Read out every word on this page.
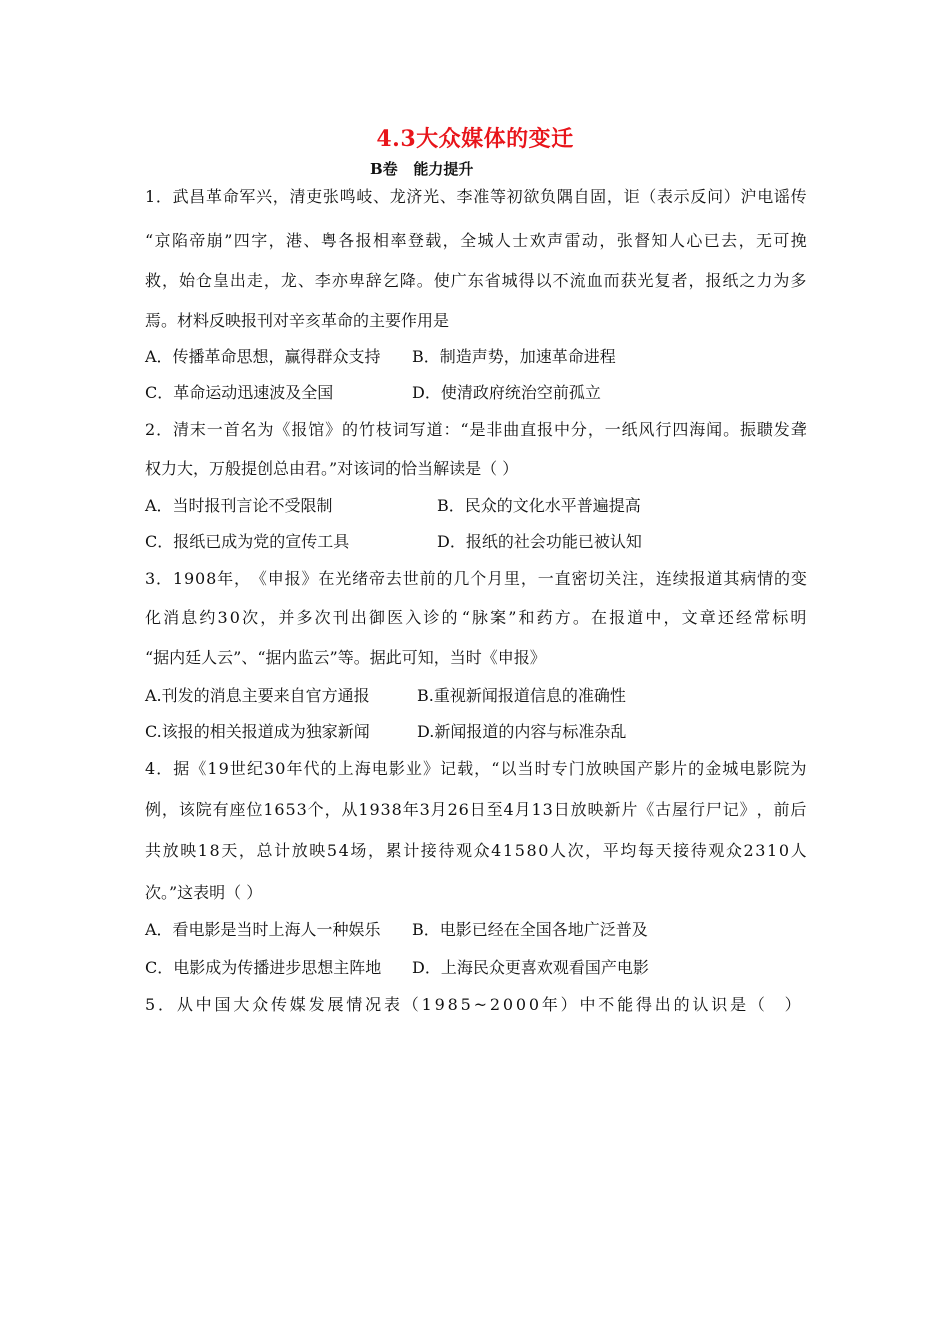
4.3大众媒体的变迁
B卷   能力提升
1 ． 武 昌 革 命 军 兴 ， 清 吏 张 鸣 岐 、 龙 济 光 、 李 准 等 初 欲 负 隅 自 固 ， 讵 （ 表 示 反 问 ） 沪 电 谣 传
“ 京 陷 帝 崩 ” 四 字 ， 港 、 粤 各 报 相 率 登 载 ， 全 城 人 士 欢 声 雷 动 ， 张 督 知 人 心 已 去 ， 无 可 挽
救 ， 始 仓 皇 出 走 ， 龙 、 李 亦 卑 辞 乞 降 。 使 广 东 省 城 得 以 不 流 血 而 获 光 复 者 ， 报 纸 之 力 为 多
焉。材料反映报刊对辛亥革命的主要作用是
A．传播革命思想，赢得群众支持 B．制造声势，加速革命进程
C．革命运动迅速波及全国	D．使清政府统治空前孤立
2 ． 清 末 一 首 名 为 《 报 馆 》 的 竹 枝 词 写 道 ： “ 是 非 曲 直 报 中 分 ， 一 纸 风 行 四 海 闻 。 振 聩 发 聋
权力大，万般提创总由君。”对该词的恰当解读是（ ）
A．当时报刊言论不受限制	B．民众的文化水平普遍提高
C．报纸已成为党的宣传工具	D．报纸的社会功能已被认知
3 ． 1 9 0 8 年 ， 《 申 报 》 在 光 绪 帝 去 世 前 的 几 个 月 里 ， 一 直 密 切 关 注 ， 连 续 报 道 其 病 情 的 变
化 消 息 约 3 0 次 ， 并 多 次 刊 出 御 医 入 诊 的 “ 脉 案 ” 和 药 方 。 在 报 道 中 ， 文 章 还 经 常 标 明
“据内廷人云”、“据内监云”等。据此可知，当时《申报》
A.刊发的消息主要来自官方通报	B.重视新闻报道信息的准确性
C.该报的相关报道成为独家新闻	D.新闻报道的内容与标准杂乱
4 ． 据 《 1 9 世 纪 3 0 年 代 的 上 海 电 影 业 》 记 载 ， “ 以 当 时 专 门 放 映 国 产 影 片 的 金 城 电 影 院 为
例 ， 该 院 有 座 位 1 6 5 3 个 ， 从 1 9 3 8 年 3 月 2 6 日 至 4 月 1 3 日 放 映 新 片 《 古 屋 行 尸 记 》 ， 前 后
共 放 映 1 8 天 ， 总 计 放 映 5 4 场 ， 累 计 接 待 观 众 4 1 5 8 0 人 次 ， 平 均 每 天 接 待 观 众 2 3 1 0 人
次。”这表明（ ）
A．看电影是当时上海人一种娱乐 B．电影已经在全国各地广泛普及
C．电影成为传播进步思想主阵地 D．上海民众更喜欢观看国产电影
5 ． 从 中 国 大 众 传 媒 发 展 情 况 表 （ 1 9 8 5 ~ 2 0 0 0 年 ） 中 不 能 得 出 的 认 识 是 （ ）
